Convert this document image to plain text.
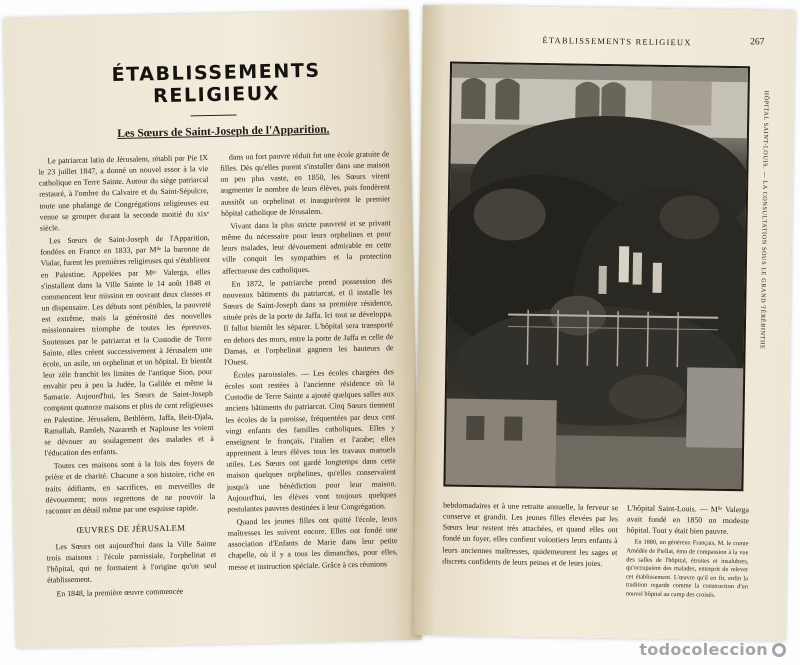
ÉTABLISSEMENTS RELIGIEUX
Les Sœurs de Saint-Joseph de l'Apparition.

Le patriarcat latin de Jérusalem, rétabli par Pie IX le 23 juillet 1847, a donné un nouvel essor à la vie catholique en Terre Sainte. Autour du siège patriarcal restauré, à l'ombre du Calvaire et du Saint-Sépulcre, toute une phalange de Congrégations religieuses est venue se grouper durant la seconde moitié du xixᵉ siècle.

Les Sœurs de Saint-Joseph de l'Apparition, fondées en France en 1833, par Mˡˡᵉ la baronne de Vialar, furent les premières religieuses qui s'établirent en Palestine. Appelées par Mᵍʳ Valerga, elles s'installent dans la Ville Sainte le 14 août 1848 et commencent leur mission en ouvrant deux classes et un dispensaire. Les débuts sont pénibles, la pauvreté est extrême, mais la générosité des nouvelles missionnaires triomphe de toutes les épreuves. Soutenues par le patriarcat et la Custodie de Terre Sainte, elles créent successivement à Jérusalem une école, un asile, un orphelinat et un hôpital. Et bientôt leur zèle franchit les limites de l'antique Sion, pour envahir peu à peu la Judée, la Galilée et même la Samarie. Aujourd'hui, les Sœurs de Saint-Joseph comptent quatorze maisons et plus de cent religieuses en Palestine. Jérusalem, Bethléem, Jaffa, Beit-Djala, Ramallah, Ramleh, Nazareth et Naplouse les voient se dévouer au soulagement des malades et à l'éducation des enfants.

Toutes ces maisons sont à la fois des foyers de prière et de charité. Chacune a son histoire, riche en traits édifiants, en sacrifices, en merveilles de dévouement; nous regrettons de ne pouvoir la raconter en détail même par une esquisse rapide.

ŒUVRES DE JÉRUSALEM

Les Sœurs ont aujourd'hui dans la Ville Sainte trois maisons : l'école paroissiale, l'orphelinat et l'hôpital, qui ne formaient à l'origine qu'un seul établissement.

En 1848, la première œuvre commencée

dans un fort pauvre réduit fut une école gratuite de filles. Dès qu'elles purent s'installer dans une maison un peu plus vaste, en 1850, les Sœurs virent augmenter le nombre de leurs élèves, puis fondèrent aussitôt un orphelinat et inaugurèrent le premier hôpital catholique de Jérusalem.

Vivant dans la plus stricte pauvreté et se privant même du nécessaire pour leurs orphelines et pour leurs malades, leur dévouement admirable en cette ville conquit les sympathies et la protection affectueuse des catholiques.

En 1872, le patriarche prend possession des nouveaux bâtiments du patriarcat, et il installe les Sœurs de Saint-Joseph dans sa première résidence, située près de la porte de Jaffa. Ici tout se développa. Il fallut bientôt les séparer. L'hôpital sera transporté en dehors des murs, entre la porte de Jaffa et celle de Damas, et l'orphelinat gagnera les hauteurs de l'Ouest.

Écoles paroissiales. — Les écoles chargées des écoles sont restées à l'ancienne résidence où la Custodie de Terre Sainte a ajouté quelques salles aux anciens bâtiments du patriarcat. Cinq Sœurs tiennent les écoles de la paroisse, fréquentées par deux cent vingt enfants des familles catholiques. Elles y enseignent le français, l'italien et l'arabe; elles apprennent à leurs élèves tous les travaux manuels utiles. Les Sœurs ont gardé longtemps dans cette maison quelques orphelines, qu'elles conservaient jusqu'à une bénédiction pour leur maison. Aujourd'hui, les élèves vont toujours quelques postulantes pauvres destinées à leur Congrégation.

Quand les jeunes filles ont quitté l'école, leurs maîtresses les suivent encore. Elles ont fondé une association d'Enfants de Marie dans leur petite chapelle, où il y a tous les dimanches, pour elles, messe et instruction spéciale. Grâce à ces réunions

ÉTABLISSEMENTS RELIGIEUX	267
HÔPITAL SAINT-LOUIS. — LA CONSULTATION SOUS LE GRAND TÉRÉBINTHE
hebdomadaires et à une retraite annuelle, la ferveur se conserve et grandit. Les jeunes filles élevées par les Sœurs leur restent très attachées, et quand elles ont fondé un foyer, elles confient volontiers leurs enfants à leurs anciennes maîtresses, quidemeurent les sages et discrets confidents de leurs peines et de leurs joies.
L'hôpital Saint-Louis. — Mˡˡᵉ Valerga avait fondé en 1850 un modeste hôpital. Tout y était bien pauvre.
En 1880, un généreux Français, M. le comte Amédée de Piellat, ému de compassion à la vue des salles de l'hôpital, étroites et insalubres, qu'occupaient des malades, entreprit de relever cet établissement. L'œuvre qu'il en fit, enfin la tradition regarde comme la construction d'un nouvel hôpital au camp des croisés.
todocoleccion
